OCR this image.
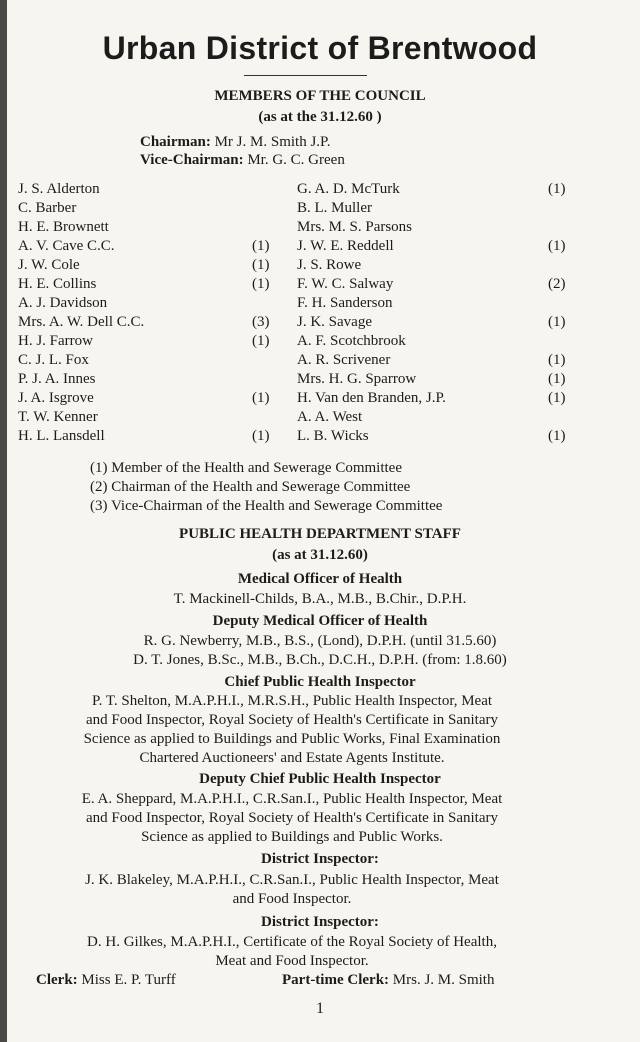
Urban District of Brentwood
MEMBERS OF THE COUNCIL
(as at the 31.12.60 )
Chairman: Mr J. M. Smith J.P.
Vice-Chairman: Mr. G. C. Green
J. S. Alderton
C. Barber
H. E. Brownett
A. V. Cave C.C.	(1)
J. W. Cole	(1)
H. E. Collins	(1)
A. J. Davidson
Mrs. A. W. Dell C.C.	(3)
H. J. Farrow	(1)
C. J. L. Fox
P. J. A. Innes
J. A. Isgrove	(1)
T. W. Kenner
H. L. Lansdell	(1)
G. A. D. McTurk	(1)
B. L. Muller
Mrs. M. S. Parsons
J. W. E. Reddell	(1)
J. S. Rowe
F. W. C. Salway	(2)
F. H. Sanderson
J. K. Savage	(1)
A. F. Scotchbrook
A. R. Scrivener	(1)
Mrs. H. G. Sparrow	(1)
H. Van den Branden, J.P.	(1)
A. A. West
L. B. Wicks	(1)
(1) Member of the Health and Sewerage Committee
(2) Chairman of the Health and Sewerage Committee
(3) Vice-Chairman of the Health and Sewerage Committee
PUBLIC HEALTH DEPARTMENT STAFF
(as at 31.12.60)
Medical Officer of Health
T. Mackinell-Childs, B.A., M.B., B.Chir., D.P.H.
Deputy Medical Officer of Health
R. G. Newberry, M.B., B.S., (Lond), D.P.H. (until 31.5.60)
D. T. Jones, B.Sc., M.B., B.Ch., D.C.H., D.P.H. (from: 1.8.60)
Chief Public Health Inspector
P. T. Shelton, M.A.P.H.I., M.R.S.H., Public Health Inspector, Meat
and Food Inspector, Royal Society of Health's Certificate in Sanitary
Science as applied to Buildings and Public Works, Final Examination
Chartered Auctioneers' and Estate Agents Institute.
Deputy Chief Public Health Inspector
E. A. Sheppard, M.A.P.H.I., C.R.San.I., Public Health Inspector, Meat
and Food Inspector, Royal Society of Health's Certificate in Sanitary
Science as applied to Buildings and Public Works.
District Inspector:
J. K. Blakeley, M.A.P.H.I., C.R.San.I., Public Health Inspector, Meat
and Food Inspector.
District Inspector:
D. H. Gilkes, M.A.P.H.I., Certificate of the Royal Society of Health,
Meat and Food Inspector.
Clerk: Miss E. P. Turff	Part-time Clerk: Mrs. J. M. Smith
1
